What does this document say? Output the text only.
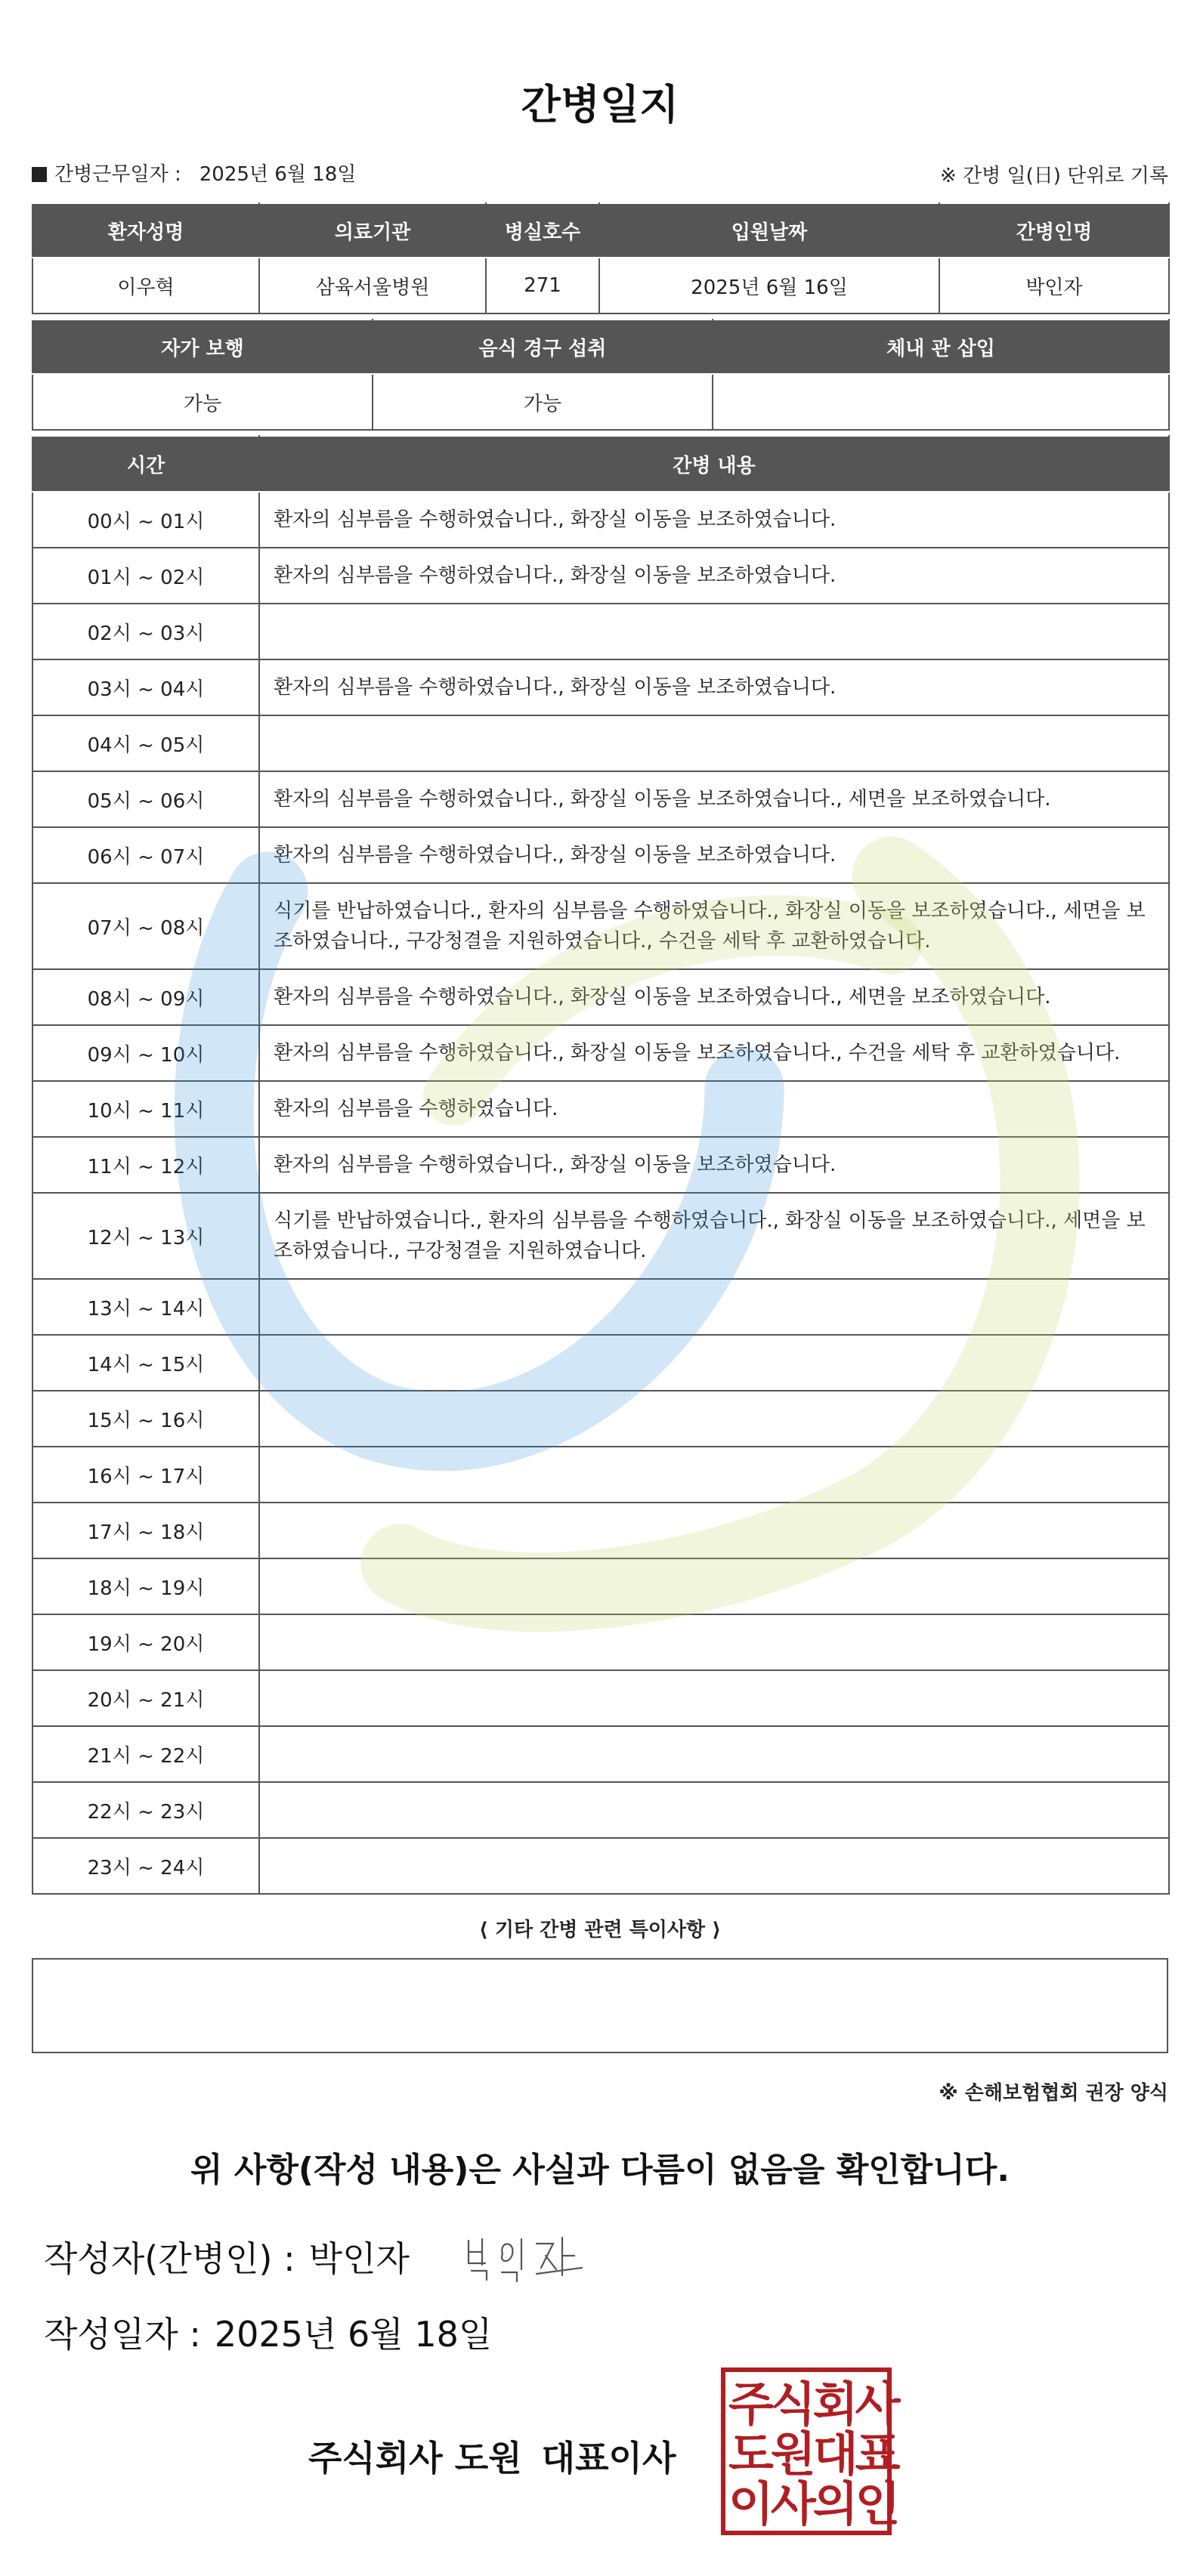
간병일지
간병근무일자 : 2025년 6월 18일	※ 간병 일(日) 단위로 기록
환자성명	의료기관	병실호수	입원날짜	간병인명
이우혁	삼육서울병원	271	2025년 6월 16일	박인자
자가 보행	음식 경구 섭취	체내 관 삽입
가능	가능	
시간	간병 내용
00시 ~ 01시	환자의 심부름을 수행하였습니다., 화장실 이동을 보조하였습니다.
01시 ~ 02시	환자의 심부름을 수행하였습니다., 화장실 이동을 보조하였습니다.
02시 ~ 03시	
03시 ~ 04시	환자의 심부름을 수행하였습니다., 화장실 이동을 보조하였습니다.
04시 ~ 05시	
05시 ~ 06시	환자의 심부름을 수행하였습니다., 화장실 이동을 보조하였습니다., 세면을 보조하였습니다.
06시 ~ 07시	환자의 심부름을 수행하였습니다., 화장실 이동을 보조하였습니다.
07시 ~ 08시	식기를 반납하였습니다., 환자의 심부름을 수행하였습니다., 화장실 이동을 보조하였습니다., 세면을 보조하였습니다., 구강청결을 지원하였습니다., 수건을 세탁 후 교환하였습니다.
08시 ~ 09시	환자의 심부름을 수행하였습니다., 화장실 이동을 보조하였습니다., 세면을 보조하였습니다.
09시 ~ 10시	환자의 심부름을 수행하였습니다., 화장실 이동을 보조하였습니다., 수건을 세탁 후 교환하였습니다.
10시 ~ 11시	환자의 심부름을 수행하였습니다.
11시 ~ 12시	환자의 심부름을 수행하였습니다., 화장실 이동을 보조하였습니다.
12시 ~ 13시	식기를 반납하였습니다., 환자의 심부름을 수행하였습니다., 화장실 이동을 보조하였습니다., 세면을 보조하였습니다., 구강청결을 지원하였습니다.
13시 ~ 14시	
14시 ~ 15시	
15시 ~ 16시	
16시 ~ 17시	
17시 ~ 18시	
18시 ~ 19시	
19시 ~ 20시	
20시 ~ 21시	
21시 ~ 22시	
22시 ~ 23시	
23시 ~ 24시	
⟨ 기타 간병 관련 특이사항 ⟩
※ 손해보험협회 권장 양식
위 사항(작성 내용)은 사실과 다름이 없음을 확인합니다.
작성자(간병인) : 박인자
작성일자 : 2025년 6월 18일
주식회사 도원 대표이사
주식회사
도원대표
이사의인
